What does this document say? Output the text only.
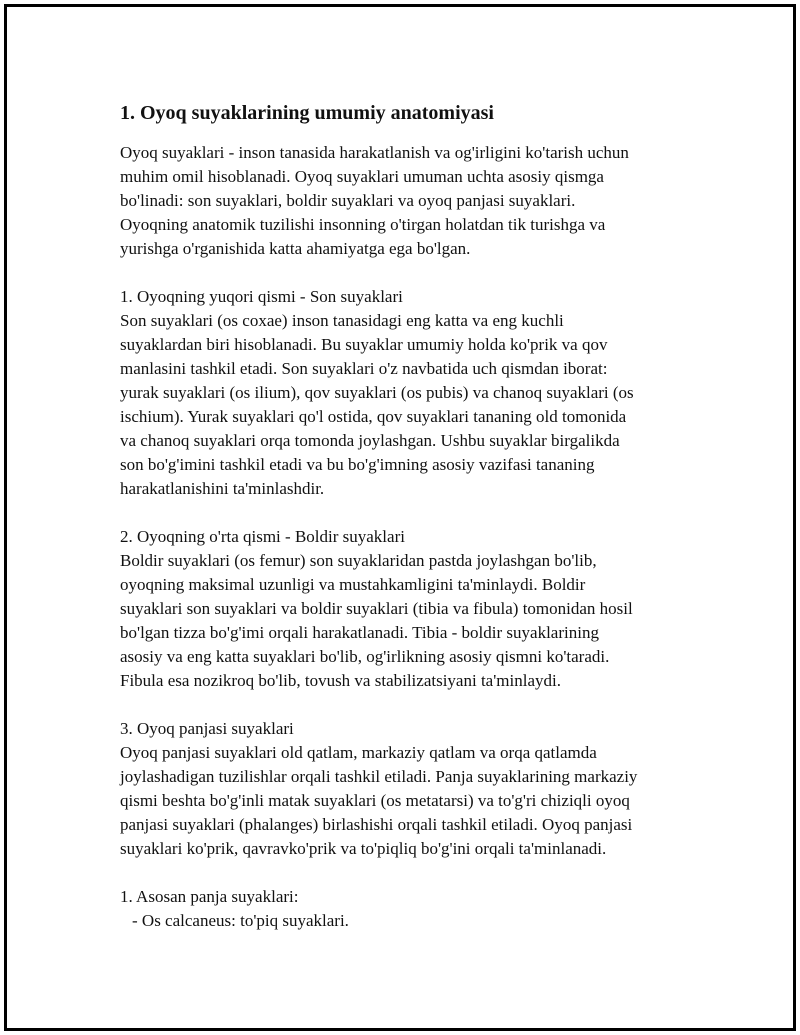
1. Oyoq suyaklarining umumiy anatomiyasi

Oyoq suyaklari - inson tanasida harakatlanish va og'irligini ko'tarish uchun
muhim omil hisoblanadi. Oyoq suyaklari umuman uchta asosiy qismga
bo'linadi: son suyaklari, boldir suyaklari va oyoq panjasi suyaklari.
Oyoqning anatomik tuzilishi insonning o'tirgan holatdan tik turishga va
yurishga o'rganishida katta ahamiyatga ega bo'lgan.

1. Oyoqning yuqori qismi - Son suyaklari
Son suyaklari (os coxae) inson tanasidagi eng katta va eng kuchli
suyaklardan biri hisoblanadi. Bu suyaklar umumiy holda ko'prik va qov
manlasini tashkil etadi. Son suyaklari o'z navbatida uch qismdan iborat:
yurak suyaklari (os ilium), qov suyaklari (os pubis) va chanoq suyaklari (os
ischium). Yurak suyaklari qo'l ostida, qov suyaklari tananing old tomonida
va chanoq suyaklari orqa tomonda joylashgan. Ushbu suyaklar birgalikda
son bo'g'imini tashkil etadi va bu bo'g'imning asosiy vazifasi tananing
harakatlanishini ta'minlashdir.

2. Oyoqning o'rta qismi - Boldir suyaklari
Boldir suyaklari (os femur) son suyaklaridan pastda joylashgan bo'lib,
oyoqning maksimal uzunligi va mustahkamligini ta'minlaydi. Boldir
suyaklari son suyaklari va boldir suyaklari (tibia va fibula) tomonidan hosil
bo'lgan tizza bo'g'imi orqali harakatlanadi. Tibia - boldir suyaklarining
asosiy va eng katta suyaklari bo'lib, og'irlikning asosiy qismni ko'taradi.
Fibula esa nozikroq bo'lib, tovush va stabilizatsiyani ta'minlaydi.

3. Oyoq panjasi suyaklari
Oyoq panjasi suyaklari old qatlam, markaziy qatlam va orqa qatlamda
joylashadigan tuzilishlar orqali tashkil etiladi. Panja suyaklarining markaziy
qismi beshta bo'g'inli matak suyaklari (os metatarsi) va to'g'ri chiziqli oyoq
panjasi suyaklari (phalanges) birlashishi orqali tashkil etiladi. Oyoq panjasi
suyaklari ko'prik, qavravko'prik va to'piqliq bo'g'ini orqali ta'minlanadi.

1. Asosan panja suyaklari:
- Os calcaneus: to'piq suyaklari.
